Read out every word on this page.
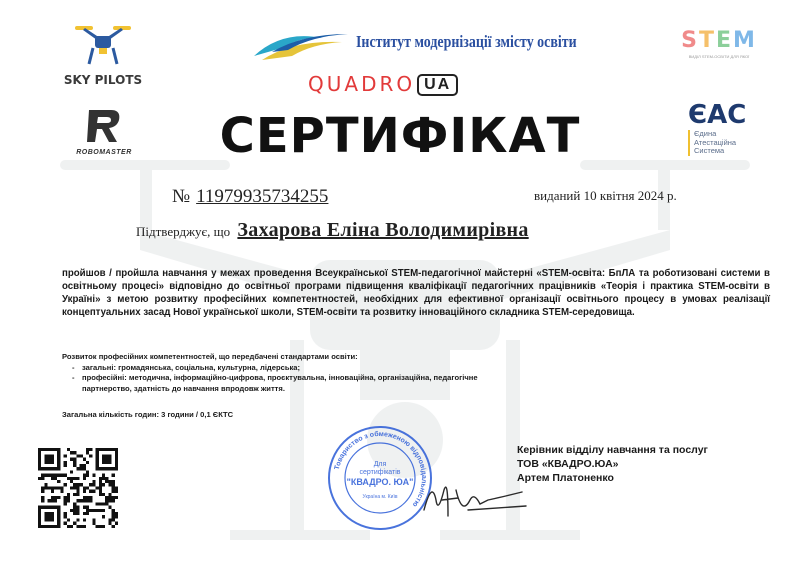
SKY PILOTS
ROBOMASTER
Інститут модернізації змісту освіти
QUADRO UA
STEM
ВИДІЛ STEM-ОСВІТИ ДЛЯ ЯКОЇ
ЄАС
Єдина
Атестаційна
Система
СЕРТИФІКАТ
№ 11979935734255	виданий 10 квітня 2024 р.
Підтверджує, що Захарова Еліна Володимирівна
пройшов / пройшла навчання у межах проведення Всеукраїнської STEM-педагогічної майстерні «STEM-освіта: БпЛА та роботизовані системи в освітньому процесі» відповідно до освітньої програми підвищення кваліфікації педагогічних працівників «Теорія і практика STEM-освіти в Україні» з метою розвитку професійних компетентностей, необхідних для ефективної організації освітнього процесу в умовах реалізації концептуальних засад Нової української школи, STEM-освіти та розвитку інноваційного складника STEM-середовища.
Розвиток професійних компетентностей, що передбачені стандартами освіти:
- загальні: громадянська, соціальна, культурна, лідерська;
- професійні: методична, інформаційно-цифрова, проєктувальна, інноваційна, організаційна, педагогічне партнерство, здатність до навчання впродовж життя.
Загальна кількість годин: 3 години / 0,1 ЄКТС
Товариство з обмеженою відповідальністю
Для
сертифікатів
"КВАДРО. ЮА"
Україна м. Київ
Керівник відділу навчання та послуг
ТОВ «КВАДРО.ЮА»
Артем Платоненко
